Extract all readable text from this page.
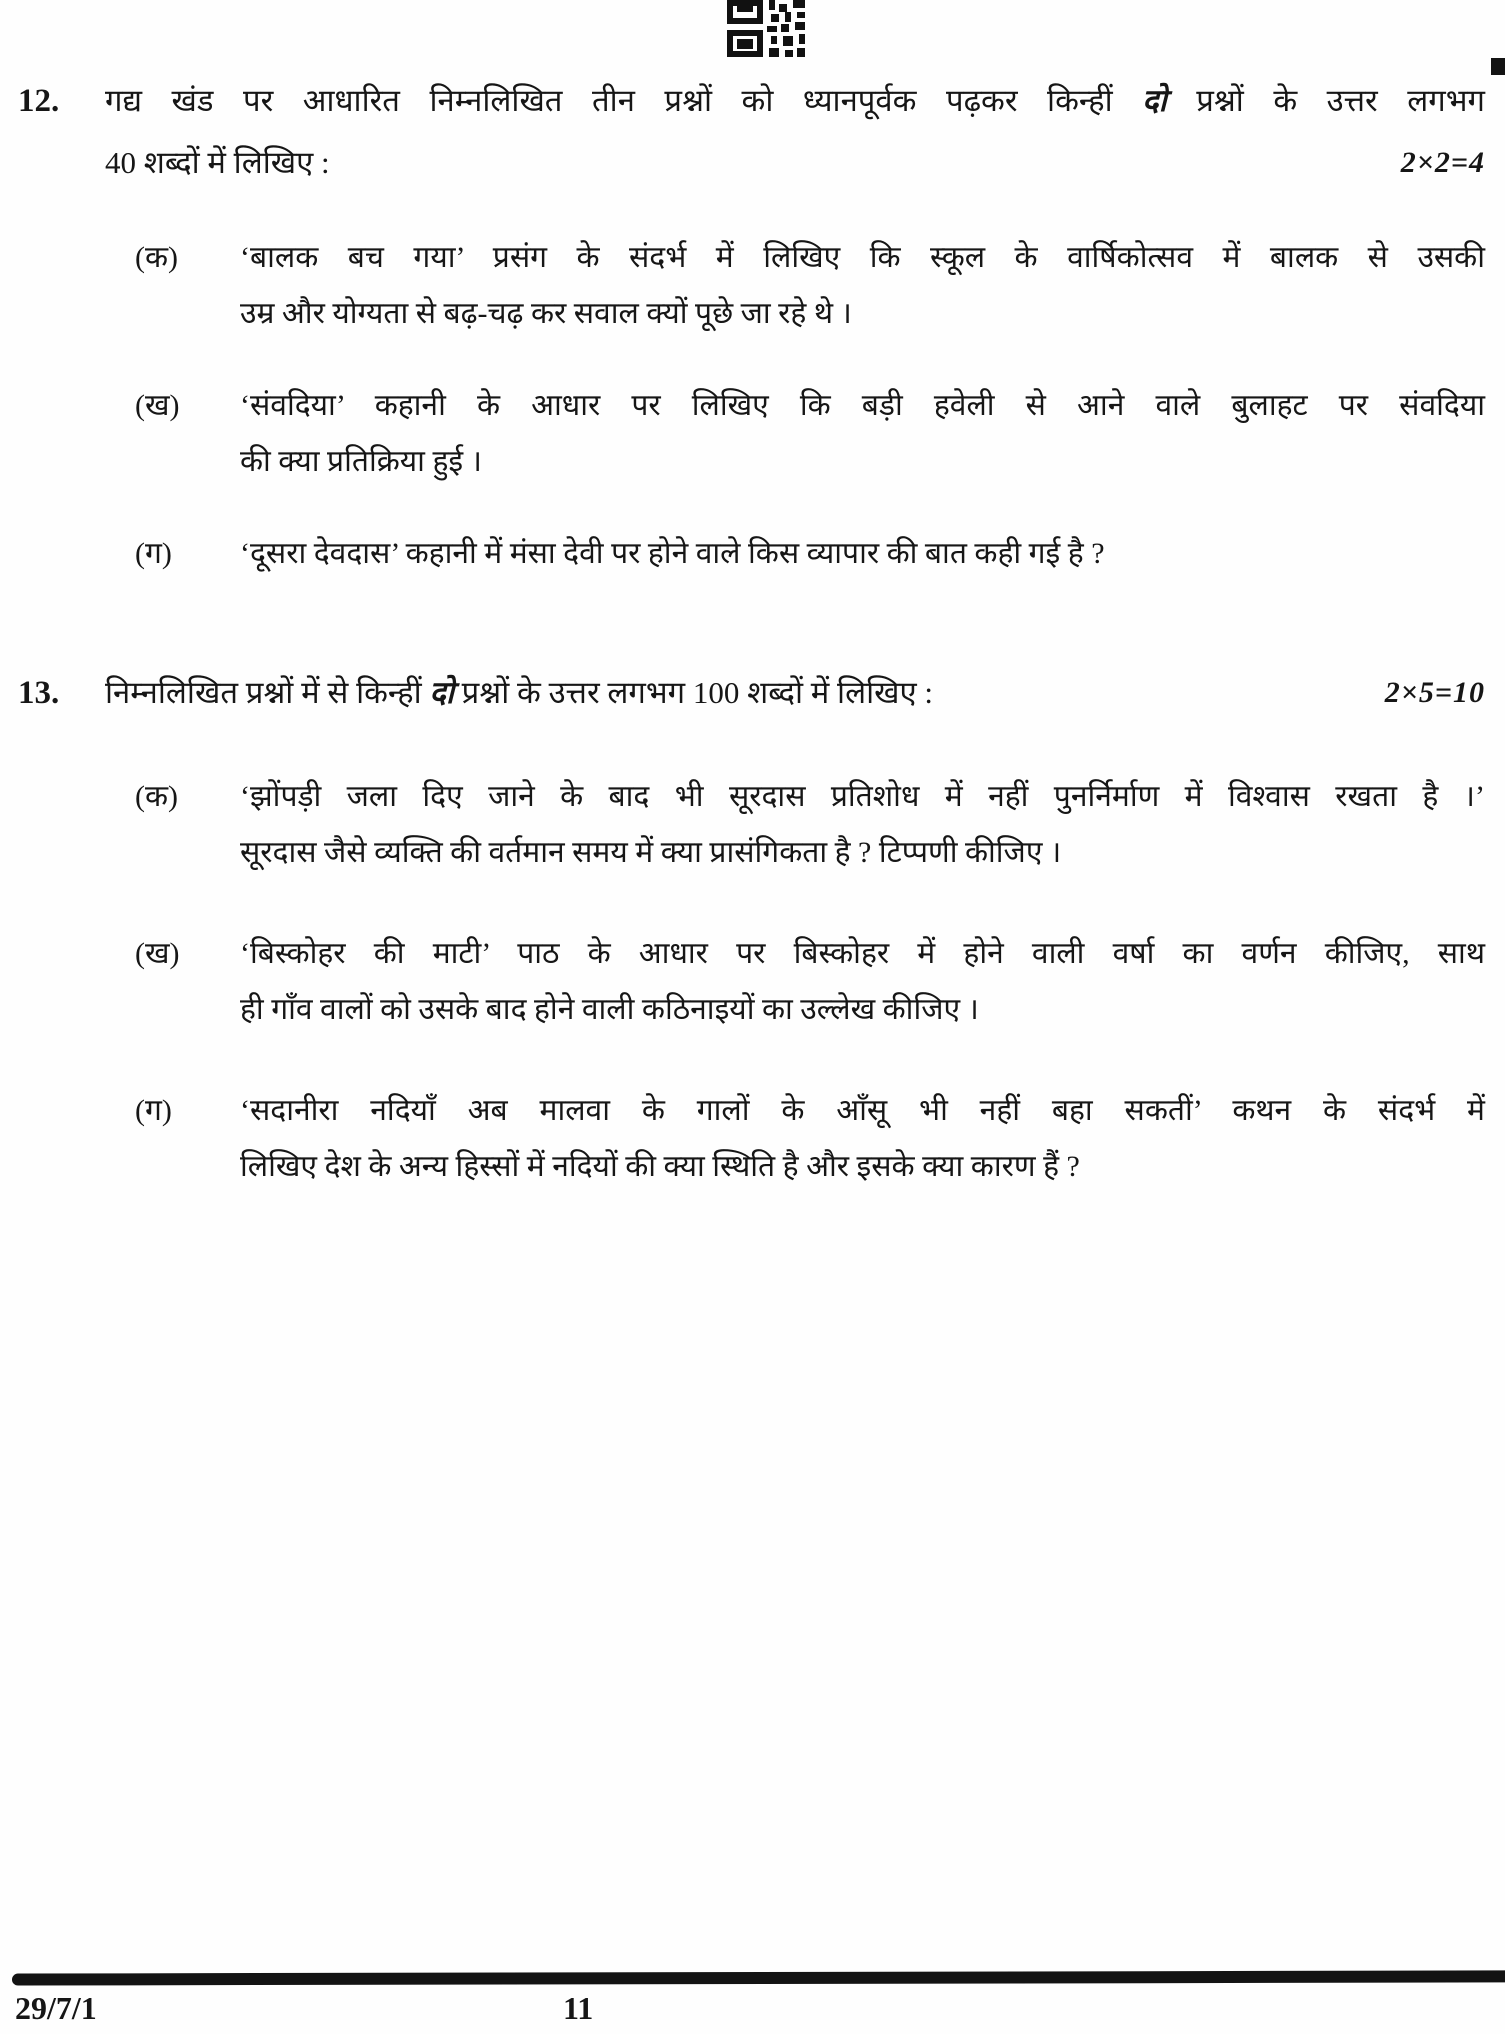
12.	गद्य खंड पर आधारित निम्नलिखित तीन प्रश्नों को ध्यानपूर्वक पढ़कर किन्हीं दो प्रश्नों के उत्तर लगभग
40 शब्दों में लिखिए :	2×2=4
(क)	‘बालक बच गया’ प्रसंग के संदर्भ में लिखिए कि स्कूल के वार्षिकोत्सव में बालक से उसकी
उम्र और योग्यता से बढ़-चढ़ कर सवाल क्यों पूछे जा रहे थे ।
(ख)	‘संवदिया’ कहानी के आधार पर लिखिए कि बड़ी हवेली से आने वाले बुलाहट पर संवदिया
की क्या प्रतिक्रिया हुई ।
(ग)	‘दूसरा देवदास’ कहानी में मंसा देवी पर होने वाले किस व्यापार की बात कही गई है ?
13.	निम्नलिखित प्रश्नों में से किन्हीं दो प्रश्नों के उत्तर लगभग 100 शब्दों में लिखिए :	2×5=10
(क)	‘झोंपड़ी जला दिए जाने के बाद भी सूरदास प्रतिशोध में नहीं पुनर्निर्माण में विश्वास रखता है ।’
सूरदास जैसे व्यक्ति की वर्तमान समय में क्या प्रासंगिकता है ? टिप्पणी कीजिए ।
(ख)	‘बिस्कोहर की माटी’ पाठ के आधार पर बिस्कोहर में होने वाली वर्षा का वर्णन कीजिए, साथ
ही गाँव वालों को उसके बाद होने वाली कठिनाइयों का उल्लेख कीजिए ।
(ग)	‘सदानीरा नदियाँ अब मालवा के गालों के आँसू भी नहीं बहा सकतीं’ कथन के संदर्भ में
लिखिए देश के अन्य हिस्सों में नदियों की क्या स्थिति है और इसके क्या कारण हैं ?
29/7/1	11
